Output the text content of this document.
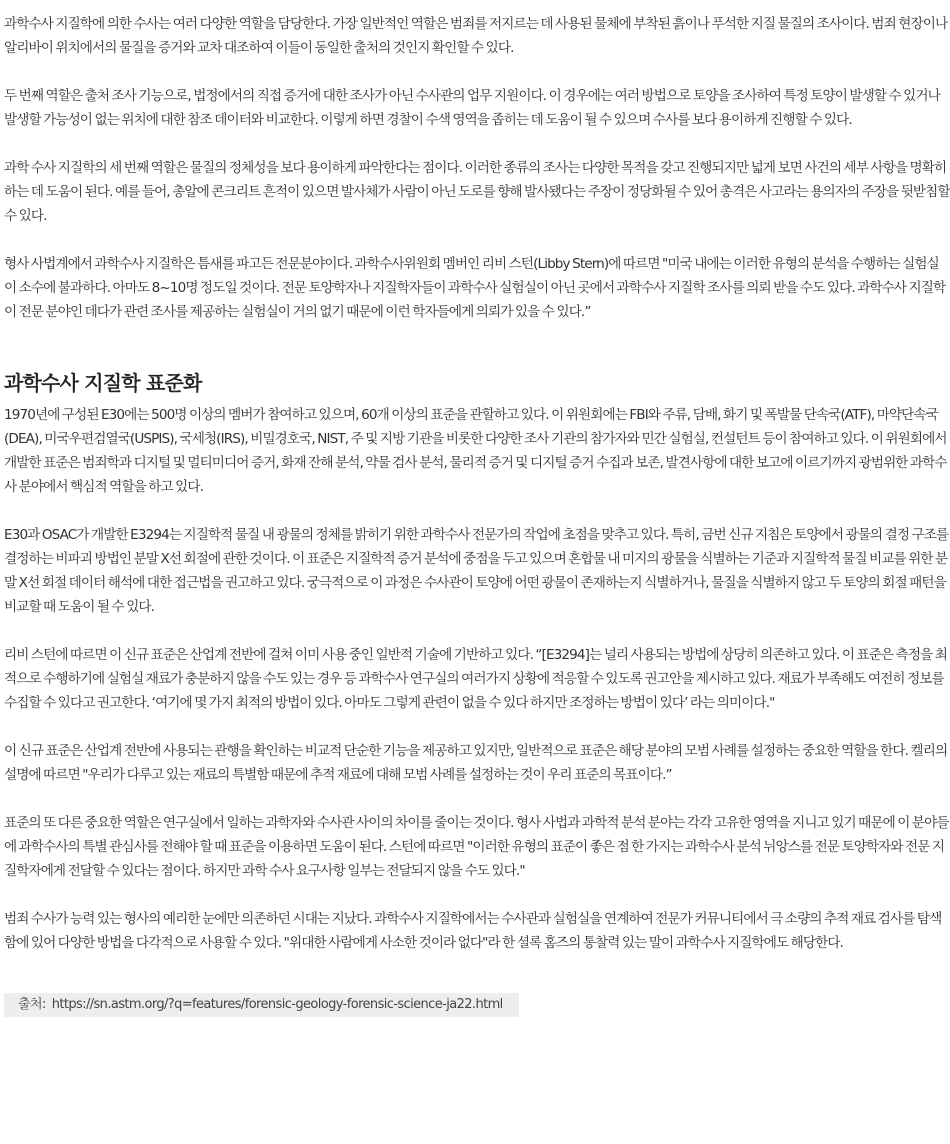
과학수사 지질학에 의한 수사는 여러 다양한 역할을 담당한다. 가장 일반적인 역할은 범죄를 저지르는 데 사용된 물체에 부착된 흙이나 푸석한 지질 물질의 조사이다. 범죄 현장이나 알리바이 위치에서의 물질을 증거와 교차 대조하여 이들이 동일한 출처의 것인지 확인할 수 있다.

두 번째 역할은 출처 조사 기능으로, 법정에서의 직접 증거에 대한 조사가 아닌 수사관의 업무 지원이다. 이 경우에는 여러 방법으로 토양을 조사하여 특정 토양이 발생할 수 있거나 발생할 가능성이 없는 위치에 대한 참조 데이터와 비교한다. 이렇게 하면 경찰이 수색 영역을 좁히는 데 도움이 될 수 있으며 수사를 보다 용이하게 진행할 수 있다.

과학 수사 지질학의 세 번째 역할은 물질의 정체성을 보다 용이하게 파악한다는 점이다. 이러한 종류의 조사는 다양한 목적을 갖고 진행되지만 넓게 보면 사건의 세부 사항을 명확히 하는 데 도움이 된다. 예를 들어, 총알에 콘크리트 흔적이 있으면 발사체가 사람이 아닌 도로를 향해 발사됐다는 주장이 정당화될 수 있어 총격은 사고라는 용의자의 주장을 뒷받침할 수 있다.

형사 사법계에서 과학수사 지질학은 틈새를 파고든 전문분야이다. 과학수사위원회 멤버인 리비 스턴(Libby Stern)에 따르면 "미국 내에는 이러한 유형의 분석을 수행하는 실험실이 소수에 불과하다. 아마도 8~10명 정도일 것이다. 전문 토양학자나 지질학자들이 과학수사 실험실이 아닌 곳에서 과학수사 지질학 조사를 의뢰 받을 수도 있다. 과학수사 지질학이 전문 분야인 데다가 관련 조사를 제공하는 실험실이 거의 없기 때문에 이런 학자들에게 의뢰가 있을 수 있다.”

과학수사 지질학 표준화

1970년에 구성된 E30에는 500명 이상의 멤버가 참여하고 있으며, 60개 이상의 표준을 관할하고 있다. 이 위원회에는 FBI와 주류, 담배, 화기 및 폭발물 단속국(ATF), 마약단속국(DEA), 미국우편검열국(USPIS), 국세청(IRS), 비밀경호국, NIST, 주 및 지방 기관을 비롯한 다양한 조사 기관의 참가자와 민간 실험실, 컨설턴트 등이 참여하고 있다. 이 위원회에서 개발한 표준은 범죄학과 디지털 및 멀티미디어 증거, 화재 잔해 분석, 약물 검사 분석, 물리적 증거 및 디지털 증거 수집과 보존, 발견사항에 대한 보고에 이르기까지 광범위한 과학수사 분야에서 핵심적 역할을 하고 있다.

E30과 OSAC가 개발한 E3294는 지질학적 물질 내 광물의 정체를 밝히기 위한 과학수사 전문가의 작업에 초점을 맞추고 있다. 특히, 금번 신규 지침은 토양에서 광물의 결정 구조를 결정하는 비파괴 방법인 분말 X선 회절에 관한 것이다. 이 표준은 지질학적 증거 분석에 중점을 두고 있으며 혼합물 내 미지의 광물을 식별하는 기준과 지질학적 물질 비교를 위한 분말 X선 회절 데이터 해석에 대한 접근법을 권고하고 있다. 궁극적으로 이 과정은 수사관이 토양에 어떤 광물이 존재하는지 식별하거나, 물질을 식별하지 않고 두 토양의 회절 패턴을 비교할 때 도움이 될 수 있다.

리비 스턴에 따르면 이 신규 표준은 산업계 전반에 걸쳐 이미 사용 중인 일반적 기술에 기반하고 있다. “[E3294]는 널리 사용되는 방법에 상당히 의존하고 있다. 이 표준은 측정을 최적으로 수행하기에 실험실 재료가 충분하지 않을 수도 있는 경우 등 과학수사 연구실의 여러가지 상황에 적응할 수 있도록 권고안을 제시하고 있다. 재료가 부족해도 여전히 정보를 수집할 수 있다고 권고한다. ‘여기에 몇 가지 최적의 방법이 있다. 아마도 그렇게 관련이 없을 수 있다 하지만 조정하는 방법이 있다’ 라는 의미이다."

이 신규 표준은 산업계 전반에 사용되는 관행을 확인하는 비교적 단순한 기능을 제공하고 있지만, 일반적으로 표준은 해당 분야의 모범 사례를 설정하는 중요한 역할을 한다. 켈리의 설명에 따르면 "우리가 다루고 있는 재료의 특별함 때문에 추적 재료에 대해 모범 사례를 설정하는 것이 우리 표준의 목표이다.”

표준의 또 다른 중요한 역할은 연구실에서 일하는 과학자와 수사관 사이의 차이를 줄이는 것이다. 형사 사법과 과학적 분석 분야는 각각 고유한 영역을 지니고 있기 때문에 이 분야들에 과학수사의 특별 관심사를 전해야 할 때 표준을 이용하면 도움이 된다. 스턴에 따르면 "이러한 유형의 표준이 좋은 점 한 가지는 과학수사 분석 뉘앙스를 전문 토양학자와 전문 지질학자에게 전달할 수 있다는 점이다. 하지만 과학 수사 요구사항 일부는 전달되지 않을 수도 있다."

범죄 수사가 능력 있는 형사의 예리한 눈에만 의존하던 시대는 지났다. 과학수사 지질학에서는 수사관과 실험실을 연계하여 전문가 커뮤니티에서 극 소량의 추적 재료 검사를 탐색함에 있어 다양한 방법을 다각적으로 사용할 수 있다. "위대한 사람에게 사소한 것이라 없다"라 한 셜록 홈즈의 통찰력 있는 말이 과학수사 지질학에도 해당한다.

출처: https://sn.astm.org/?q=features/forensic-geology-forensic-science-ja22.html
